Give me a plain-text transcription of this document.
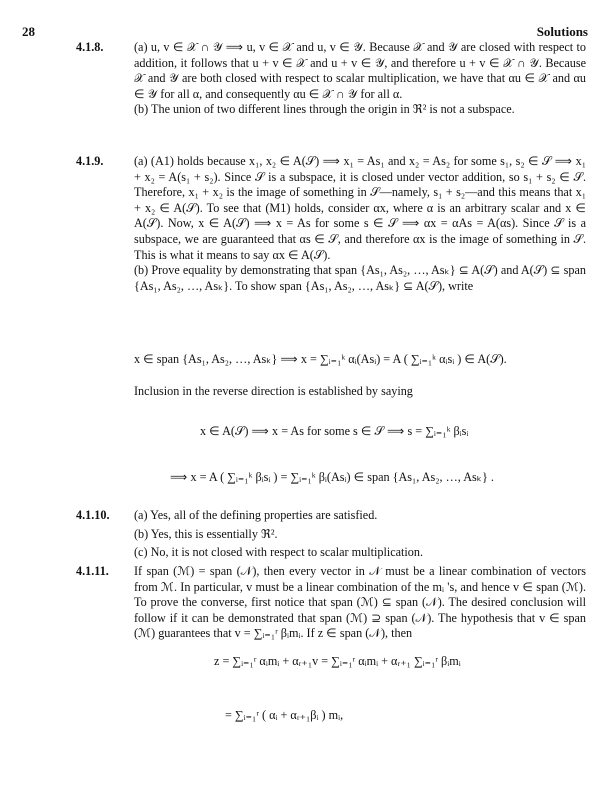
28	Solutions
4.1.8.	(a) u, v ∈ 𝒳 ∩ 𝒴 ⟹ u, v ∈ 𝒳 and u, v ∈ 𝒴. Because 𝒳 and 𝒴 are closed with respect to addition, it follows that u + v ∈ 𝒳 and u + v ∈ 𝒴, and therefore u + v ∈ 𝒳 ∩ 𝒴. Because 𝒳 and 𝒴 are both closed with respect to scalar multiplication, we have that αu ∈ 𝒳 and αu ∈ 𝒴 for all α, and consequently αu ∈ 𝒳 ∩ 𝒴 for all α.

(b) The union of two different lines through the origin in ℜ² is not a subspace.

4.1.9.	(a) (A1) holds because x₁, x₂ ∈ A(𝒮) ⟹ x₁ = As₁ and x₂ = As₂ for some s₁, s₂ ∈ 𝒮 ⟹ x₁ + x₂ = A(s₁ + s₂). Since 𝒮 is a subspace, it is closed under vector addition, so s₁ + s₂ ∈ 𝒮. Therefore, x₁ + x₂ is the image of something in 𝒮—namely, s₁ + s₂—and this means that x₁ + x₂ ∈ A(𝒮). To see that (M1) holds, consider αx, where α is an arbitrary scalar and x ∈ A(𝒮). Now, x ∈ A(𝒮) ⟹ x = As for some s ∈ 𝒮 ⟹ αx = αAs = A(αs). Since 𝒮 is a subspace, we are guaranteed that αs ∈ 𝒮, and therefore αx is the image of something in 𝒮. This is what it means to say αx ∈ A(𝒮).

(b) Prove equality by demonstrating that span {As₁, As₂, …, Asₖ} ⊆ A(𝒮) and A(𝒮) ⊆ span {As₁, As₂, …, Asₖ}. To show span {As₁, As₂, …, Asₖ} ⊆ A(𝒮), write

x ∈ span {As₁, As₂, …, Asₖ} ⟹ x = ∑ᵢ₌₁ᵏ αᵢ(Asᵢ) = A ( ∑ᵢ₌₁ᵏ αᵢsᵢ ) ∈ A(𝒮).
Inclusion in the reverse direction is established by saying
x ∈ A(𝒮) ⟹ x = As for some s ∈ 𝒮 ⟹ s = ∑ᵢ₌₁ᵏ βᵢsᵢ
⟹ x = A ( ∑ᵢ₌₁ᵏ βᵢsᵢ ) = ∑ᵢ₌₁ᵏ βᵢ(Asᵢ) ∈ span {As₁, As₂, …, Asₖ} .
4.1.10. (a) Yes, all of the defining properties are satisfied.

(b) Yes, this is essentially ℜ².

(c) No, it is not closed with respect to scalar multiplication.

4.1.11. If span (ℳ) = span (𝒩), then every vector in 𝒩 must be a linear combination of vectors from ℳ. In particular, v must be a linear combination of the mᵢ 's, and hence v ∈ span (ℳ). To prove the converse, first notice that span (ℳ) ⊆ span (𝒩). The desired conclusion will follow if it can be demonstrated that span (ℳ) ⊇ span (𝒩). The hypothesis that v ∈ span (ℳ) guarantees that v = ∑ᵢ₌₁ʳ βᵢmᵢ. If z ∈ span (𝒩), then

z = ∑ᵢ₌₁ʳ αᵢmᵢ + αᵣ₊₁v = ∑ᵢ₌₁ʳ αᵢmᵢ + αᵣ₊₁ ∑ᵢ₌₁ʳ βᵢmᵢ
= ∑ᵢ₌₁ʳ ( αᵢ + αᵣ₊₁βᵢ ) mᵢ,
